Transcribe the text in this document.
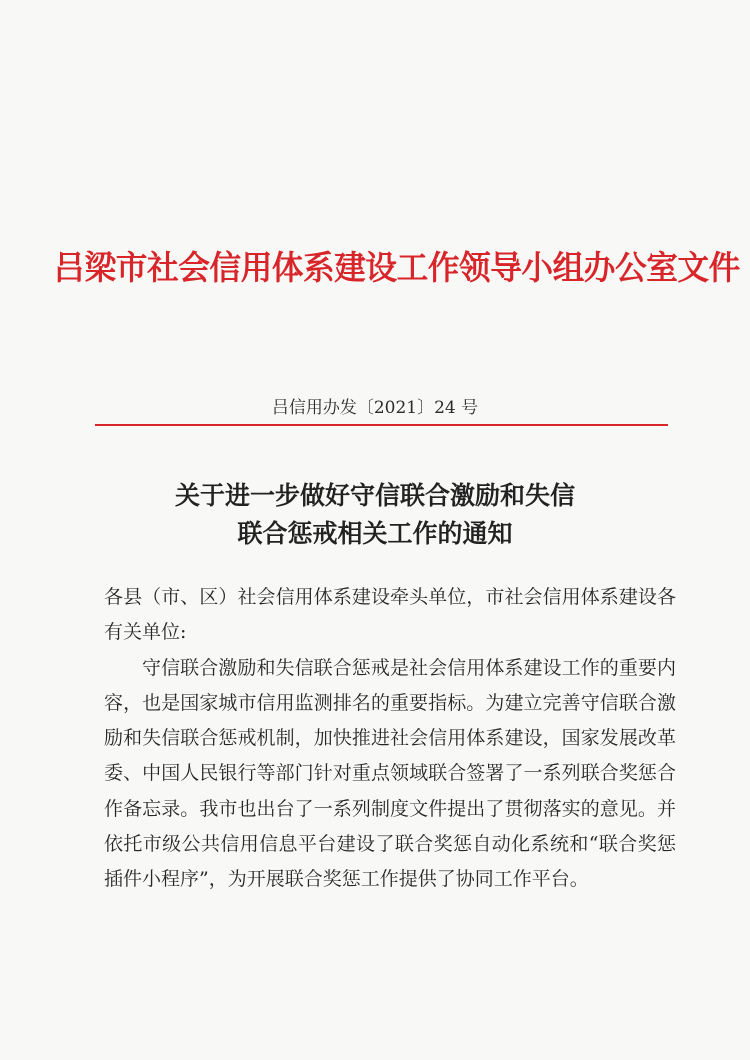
吕梁市社会信用体系建设工作领导小组办公室文件
吕信用办发〔2021〕24 号
关于进一步做好守信联合激励和失信
联合惩戒相关工作的通知

各县（市、区）社会信用体系建设牵头单位，市社会信用体系建设各有关单位:

守信联合激励和失信联合惩戒是社会信用体系建设工作的重要内容，也是国家城市信用监测排名的重要指标。为建立完善守信联合激励和失信联合惩戒机制，加快推进社会信用体系建设，国家发展改革委、中国人民银行等部门针对重点领域联合签署了一系列联合奖惩合作备忘录。我市也出台了一系列制度文件提出了贯彻落实的意见。并依托市级公共信用信息平台建设了联合奖惩自动化系统和“联合奖惩插件小程序”，为开展联合奖惩工作提供了协同工作平台。
